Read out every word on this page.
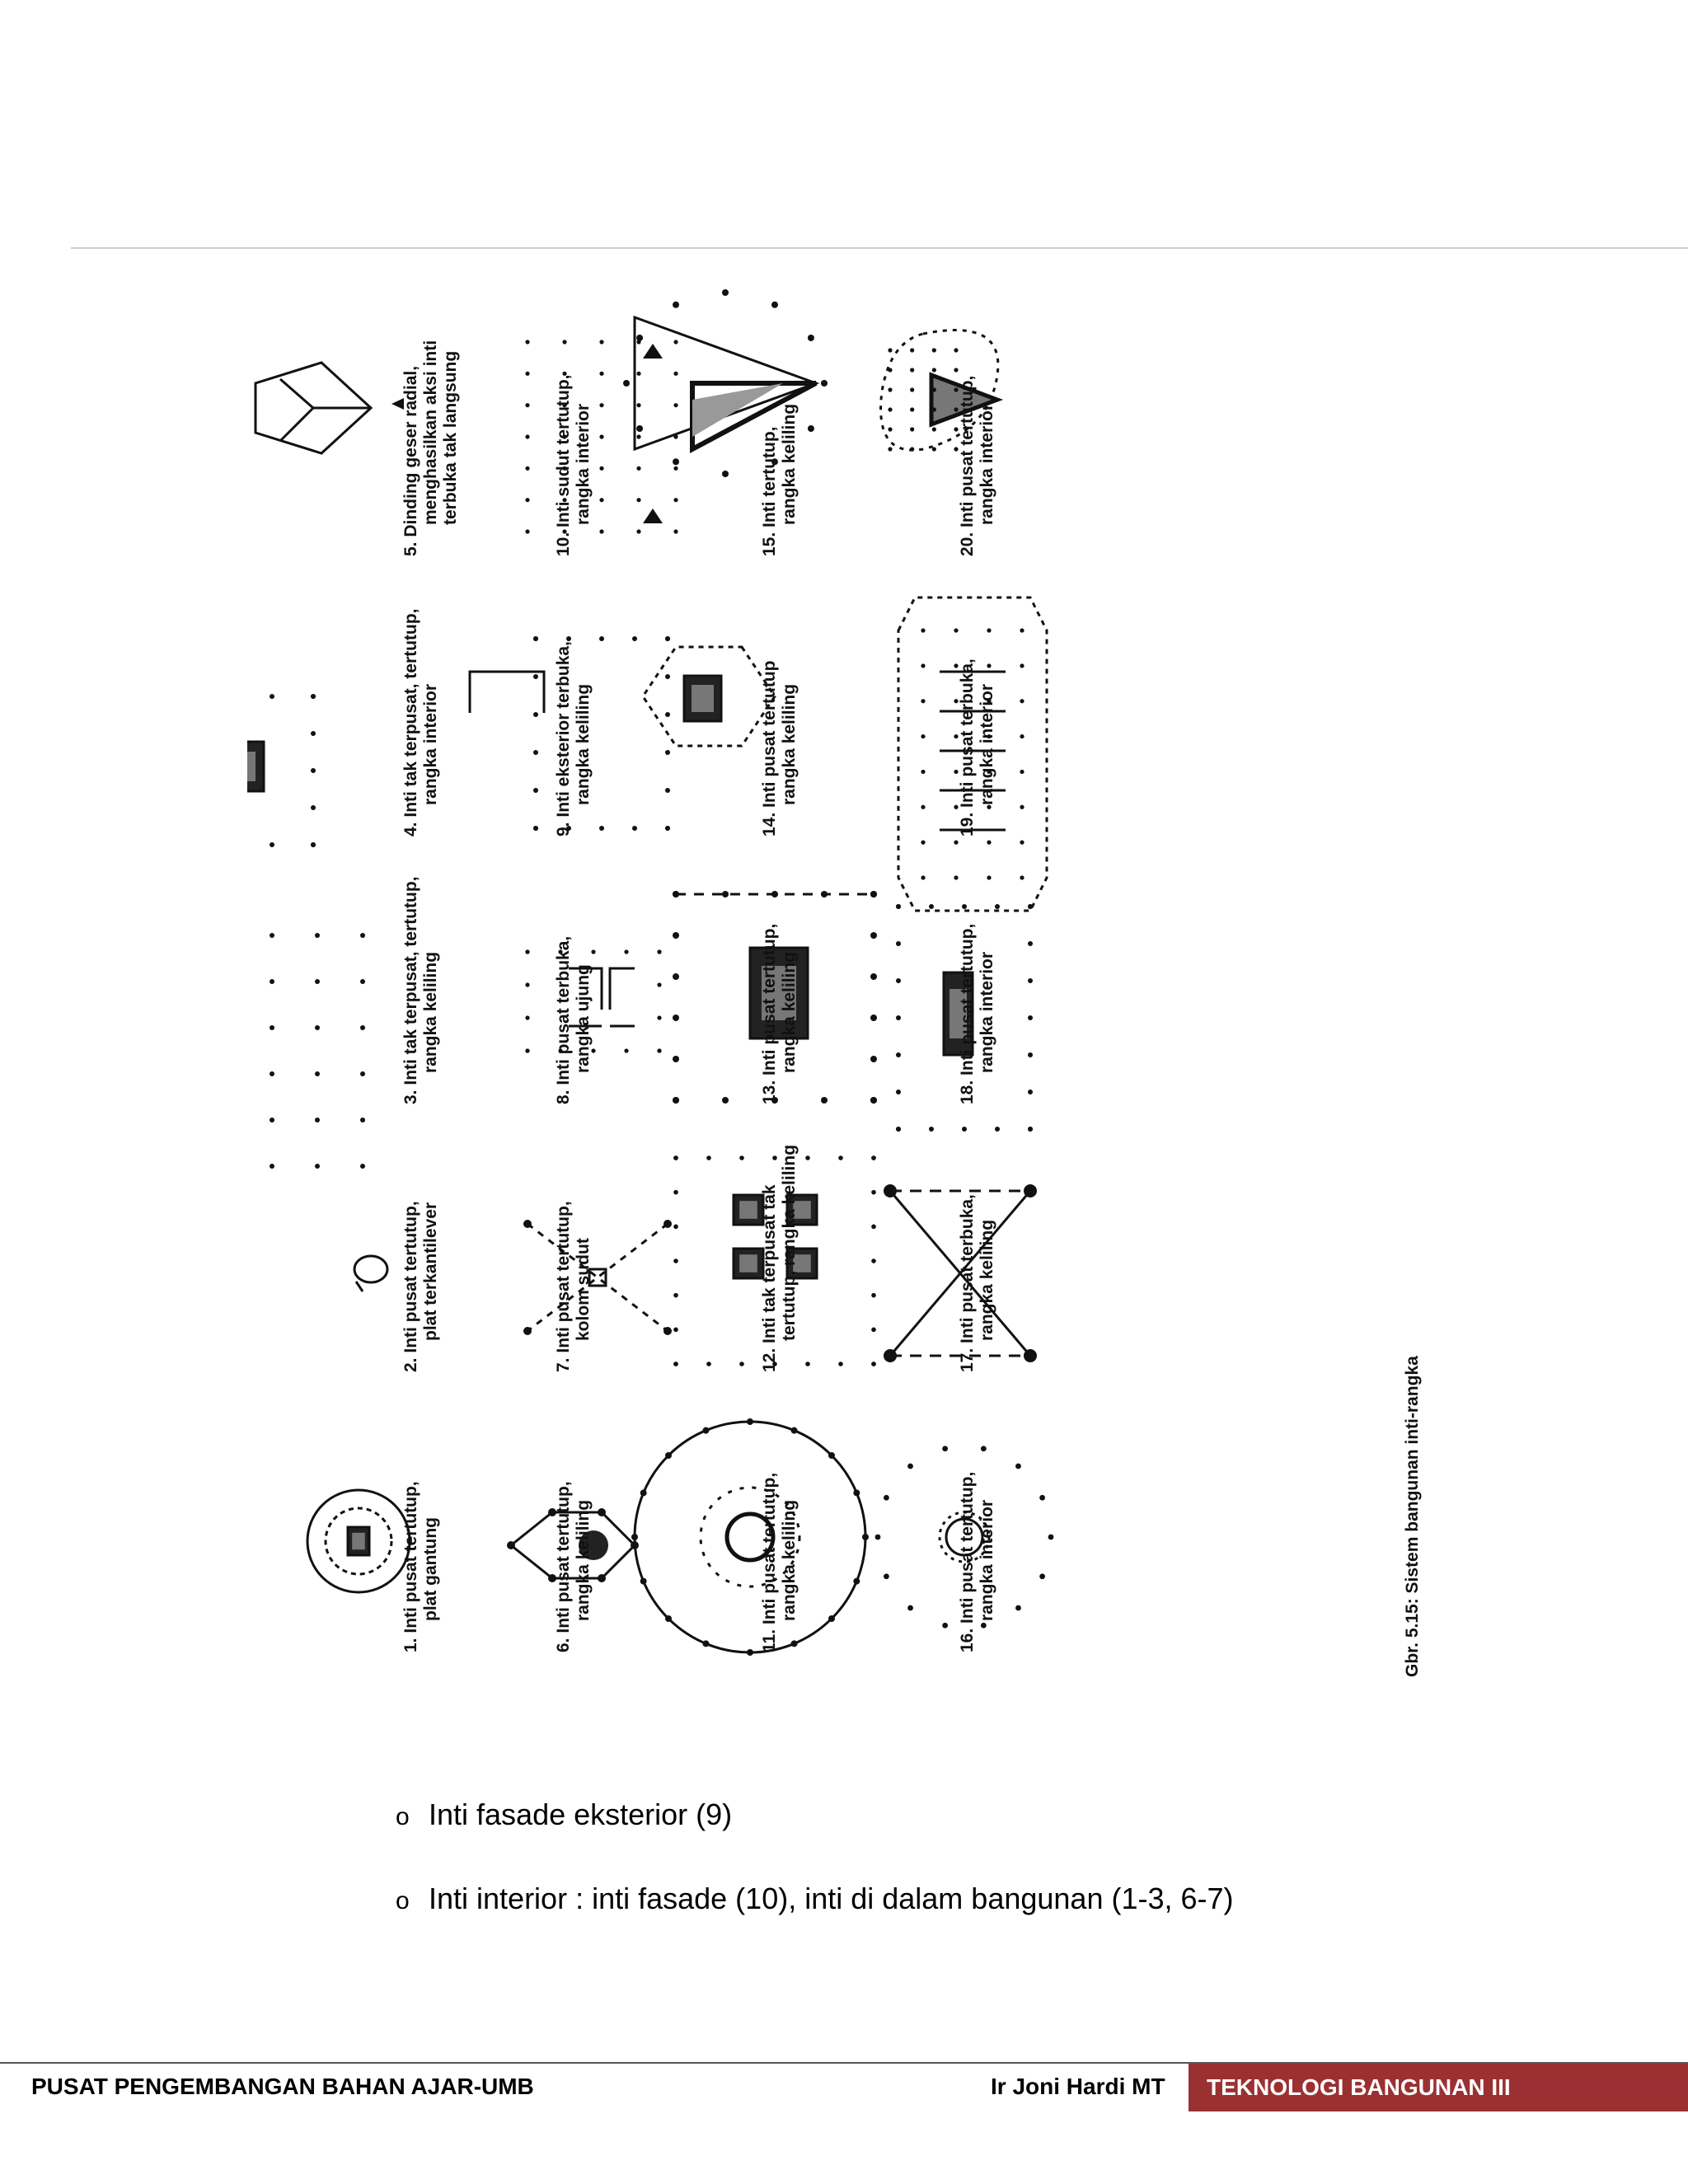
1. Inti pusat tertutup,plat gantung
2. Inti pusat tertutup,plat terkantilever
3. Inti tak terpusat, tertutup,rangka keliling
4. Inti tak terpusat, tertutup,rangka interior
5. Dinding geser radial,menghasilkan aksi intiterbuka tak langsung
6. Inti pusat tertutup,rangka keliling
7. Inti pusat tertutup,kolom sudut
8. Inti pusat terbuka,rangka ujung
9. Inti eksterior terbuka,rangka keliling
10. Inti sudut tertutup,rangka interior
11. Inti pusat tertutup,rangka keliling
12. Inti tak terpusat taktertutup, rangka keliling
13. Inti pusat tertutup,rangka keliling
14. Inti pusat tertutuprangka keliling
15. Inti tertutup,rangka keliling
16. Inti pusat tertutup,rangka interior
17. Inti pusat terbuka,rangka keliling
18. Inti pusat tertutup,rangka interior
19. Inti pusat terbuka,rangka interior
20. Inti pusat tertutup,rangka interior
Gbr. 5.15: Sistem bangunan inti-rangka
o Inti fasade eksterior (9)
o Inti interior : inti fasade (10), inti di dalam bangunan (1-3, 6-7)
PUSAT PENGEMBANGAN BAHAN AJAR-UMB	Ir Joni Hardi MT	TEKNOLOGI BANGUNAN III
